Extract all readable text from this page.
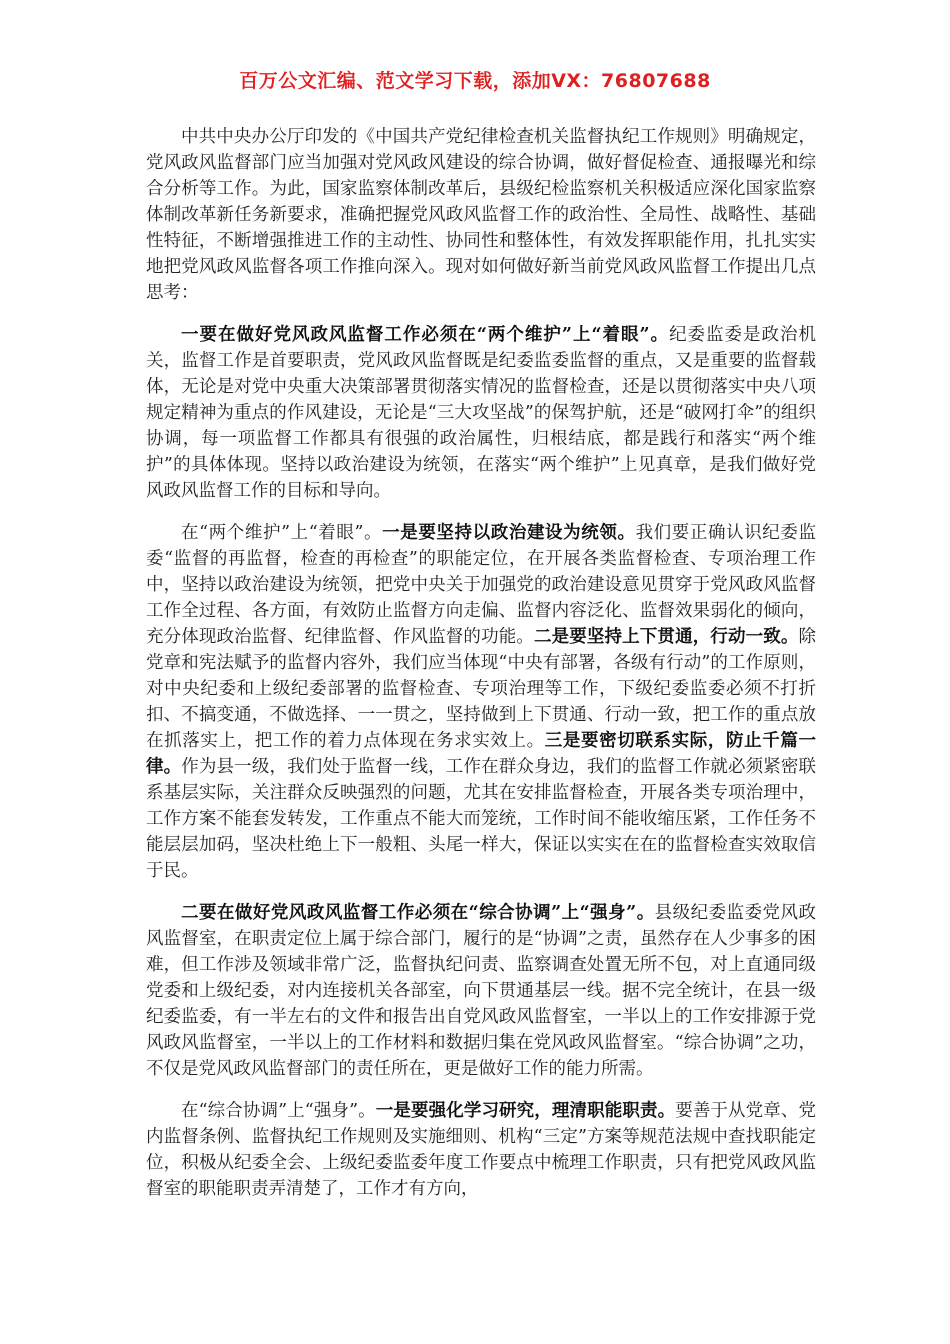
百万公文汇编、范文学习下载，添加VX：76807688

中共中央办公厅印发的《中国共产党纪律检查机关监督执纪工作规则》明确规定，党风政风监督部门应当加强对党风政风建设的综合协调，做好督促检查、通报曝光和综合分析等工作。为此，国家监察体制改革后，县级纪检监察机关积极适应深化国家监察体制改革新任务新要求，准确把握党风政风监督工作的政治性、全局性、战略性、基础性特征，不断增强推进工作的主动性、协同性和整体性，有效发挥职能作用，扎扎实实地把党风政风监督各项工作推向深入。现对如何做好新当前党风政风监督工作提出几点思考：

一要在做好党风政风监督工作必须在“两个维护”上“着眼”。纪委监委是政治机关，监督工作是首要职责，党风政风监督既是纪委监委监督的重点，又是重要的监督载体，无论是对党中央重大决策部署贯彻落实情况的监督检查，还是以贯彻落实中央八项规定精神为重点的作风建设，无论是“三大攻坚战”的保驾护航，还是“破网打伞”的组织协调，每一项监督工作都具有很强的政治属性，归根结底，都是践行和落实“两个维护”的具体体现。坚持以政治建设为统领，在落实“两个维护”上见真章，是我们做好党风政风监督工作的目标和导向。

在“两个维护”上“着眼”。一是要坚持以政治建设为统领。我们要正确认识纪委监委“监督的再监督，检查的再检查”的职能定位，在开展各类监督检查、专项治理工作中，坚持以政治建设为统领，把党中央关于加强党的政治建设意见贯穿于党风政风监督工作全过程、各方面，有效防止监督方向走偏、监督内容泛化、监督效果弱化的倾向，充分体现政治监督、纪律监督、作风监督的功能。二是要坚持上下贯通，行动一致。除党章和宪法赋予的监督内容外，我们应当体现“中央有部署，各级有行动”的工作原则，对中央纪委和上级纪委部署的监督检查、专项治理等工作，下级纪委监委必须不打折扣、不搞变通，不做选择、一一贯之，坚持做到上下贯通、行动一致，把工作的重点放在抓落实上，把工作的着力点体现在务求实效上。三是要密切联系实际，防止千篇一律。作为县一级，我们处于监督一线，工作在群众身边，我们的监督工作就必须紧密联系基层实际，关注群众反映强烈的问题，尤其在安排监督检查，开展各类专项治理中，工作方案不能套发转发，工作重点不能大而笼统，工作时间不能收缩压紧，工作任务不能层层加码，坚决杜绝上下一般粗、头尾一样大，保证以实实在在的监督检查实效取信于民。

二要在做好党风政风监督工作必须在“综合协调”上“强身”。县级纪委监委党风政风监督室，在职责定位上属于综合部门，履行的是“协调”之责，虽然存在人少事多的困难，但工作涉及领域非常广泛，监督执纪问责、监察调查处置无所不包，对上直通同级党委和上级纪委，对内连接机关各部室，向下贯通基层一线。据不完全统计，在县一级纪委监委，有一半左右的文件和报告出自党风政风监督室，一半以上的工作安排源于党风政风监督室，一半以上的工作材料和数据归集在党风政风监督室。“综合协调”之功，不仅是党风政风监督部门的责任所在，更是做好工作的能力所需。

在“综合协调”上“强身”。一是要强化学习研究，理清职能职责。要善于从党章、党内监督条例、监督执纪工作规则及实施细则、机构“三定”方案等规范法规中查找职能定位，积极从纪委全会、上级纪委监委年度工作要点中梳理工作职责，只有把党风政风监督室的职能职责弄清楚了，工作才有方向，
